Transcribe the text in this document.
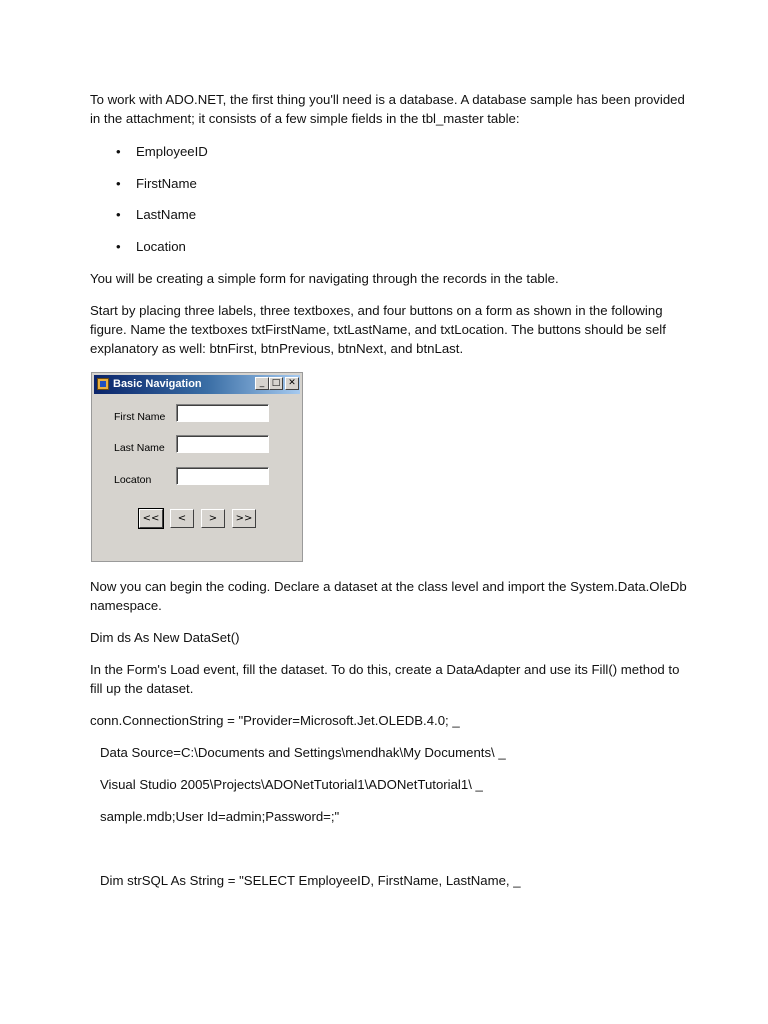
To work with ADO.NET, the first thing you'll need is a database. A database sample has been provided in the attachment; it consists of a few simple fields in the tbl_master table:

• EmployeeID
• FirstName
• LastName
• Location

You will be creating a simple form for navigating through the records in the table.

Start by placing three labels, three textboxes, and four buttons on a form as shown in the following figure. Name the textboxes txtFirstName, txtLastName, and txtLocation. The buttons should be self explanatory as well: btnFirst, btnPrevious, btnNext, and btnLast.

Basic Navigation	_ □ ✕
First Name
Last Name
Locaton
<<	<	>	>>

Now you can begin the coding. Declare a dataset at the class level and import the System.Data.OleDb namespace.

Dim ds As New DataSet()

In the Form's Load event, fill the dataset. To do this, create a DataAdapter and use its Fill() method to fill up the dataset.

conn.ConnectionString = "Provider=Microsoft.Jet.OLEDB.4.0; _

Data Source=C:\Documents and Settings\mendhak\My Documents\ _

Visual Studio 2005\Projects\ADONetTutorial1\ADONetTutorial1\ _

sample.mdb;User Id=admin;Password=;"

Dim strSQL As String = "SELECT EmployeeID, FirstName, LastName, _
